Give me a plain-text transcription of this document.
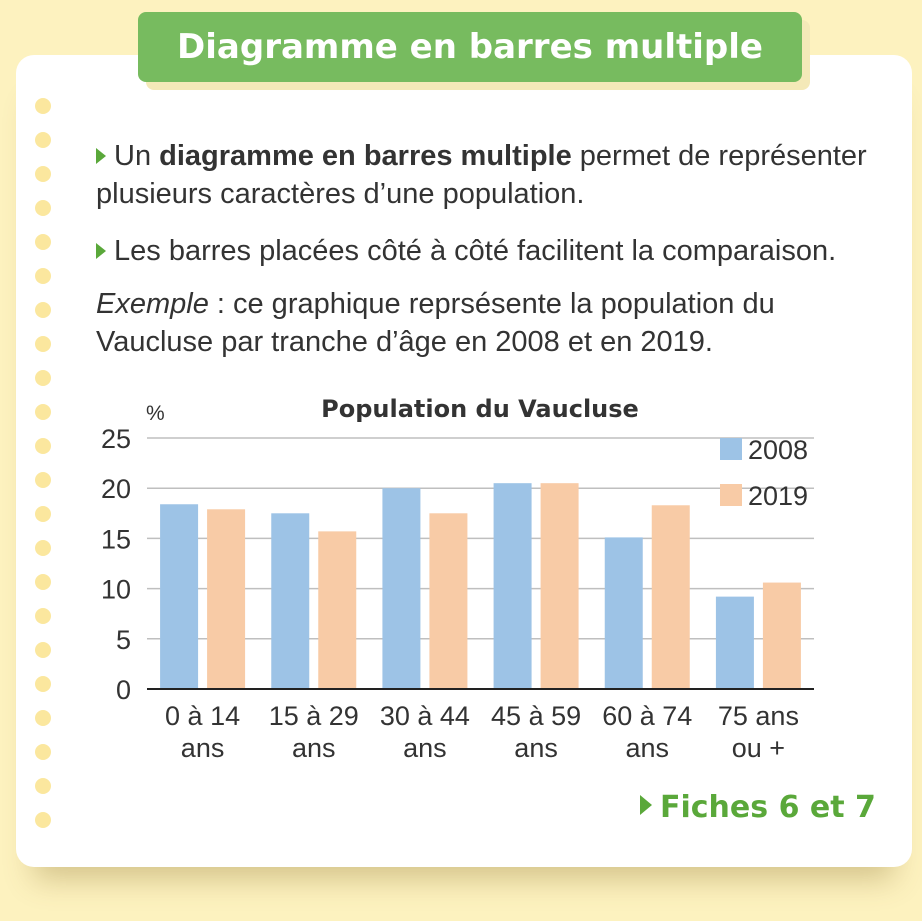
Diagramme en barres multiple
Un diagramme en barres multiple permet de représenter plusieurs caractères d’une population.
Les barres placées côté à côté facilitent la comparaison.
Exemple : ce graphique reprsésente la population du Vaucluse par tranche d’âge en 2008 et en 2019.
0
5
10
15
20
25
%	Population du Vaucluse
0 à 14
ans
15 à 29
ans
30 à 44
ans
45 à 59
ans
60 à 74
ans
75 ans
ou +
2008
2019
Fiches 6 et 7
